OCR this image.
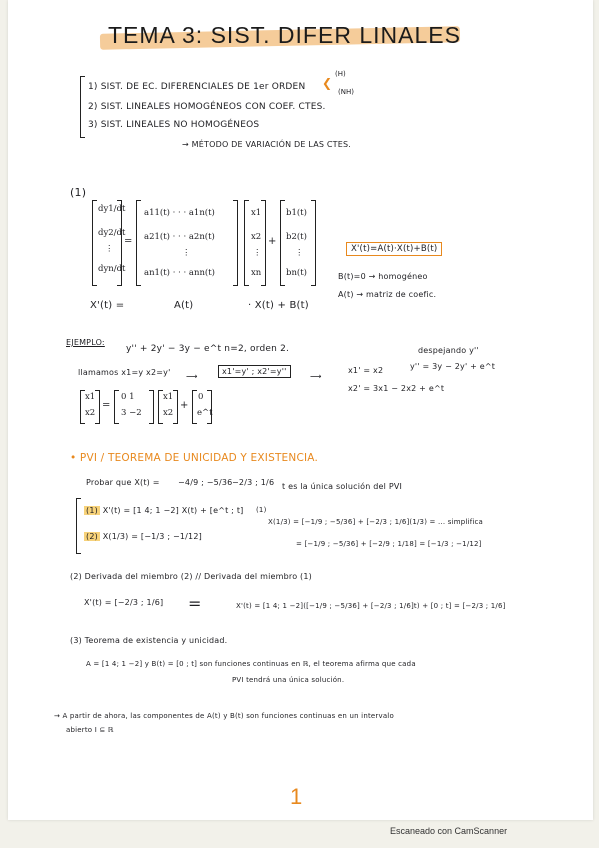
TEMA 3: SIST. DIFER LINALES
1) SIST. DE EC. DIFERENCIALES DE 1er ORDEN ❮
(H)
(NH)
2) SIST. LINEALES HOMOGÉNEOS CON COEF. CTES.
3) SIST. LINEALES NO HOMOGÉNEOS
→ MÉTODO DE VARIACIÓN DE LAS CTES.
(1)
dy1/dt
dy2/dt
⋮
dyn/dt
=
a11(t) · · · a1n(t)
a21(t) · · · a2n(t)
⋮
an1(t) · · · ann(t)
x1
x2
⋮
xn
+
b1(t)
b2(t)
⋮
bn(t)
X'(t)=A(t)·X(t)+B(t)
B(t)=0 → homogéneo
A(t) → matriz de coefic.
X'(t) =	A(t)	· X(t) + B(t)
EJEMPLO:
y'' + 2y' − 3y − e^t n=2, orden 2.
llamamos x1=y x2=y' ⟶
x1'=y' ; x2'=y''
⟶
despejando y''
y'' = 3y − 2y' + e^t
x1' = x2
x2' = 3x1 − 2x2 + e^t
x1
x2
=
0 1
3 −2
x1
x2
+
0
e^t
• PVI / TEOREMA DE UNICIDAD Y EXISTENCIA.
Probar que X(t) = −4/9 ; −5/36 −2/3 ; 1/6 t es la única solución del PVI
(1) X'(t) = [1 4; 1 −2] X(t) + [e^t ; t]
(2) X(1/3) = [−1/3 ; −1/12]
(1)
X(1/3) = [−1/9 ; −5/36] + [−2/3 ; 1/6](1/3) = ... simplifica
= [−1/9 ; −5/36] + [−2/9 ; 1/18] = [−1/3 ; −1/12]
(2) Derivada del miembro (2) // Derivada del miembro (1)
X'(t) = [−2/3 ; 1/6] =	X'(t) = [1 4; 1 −2]([−1/9 ; −5/36] + [−2/3 ; 1/6]t) + [0 ; t] = [−2/3 ; 1/6]
(3) Teorema de existencia y unicidad.
A = [1 4; 1 −2] y B(t) = [0 ; t] son funciones continuas en ℝ, el teorema afirma que cada
PVI tendrá una única solución.
→ A partir de ahora, las componentes de A(t) y B(t) son funciones continuas en un intervalo
abierto I ⊆ ℝ
1
Escaneado con CamScanner
